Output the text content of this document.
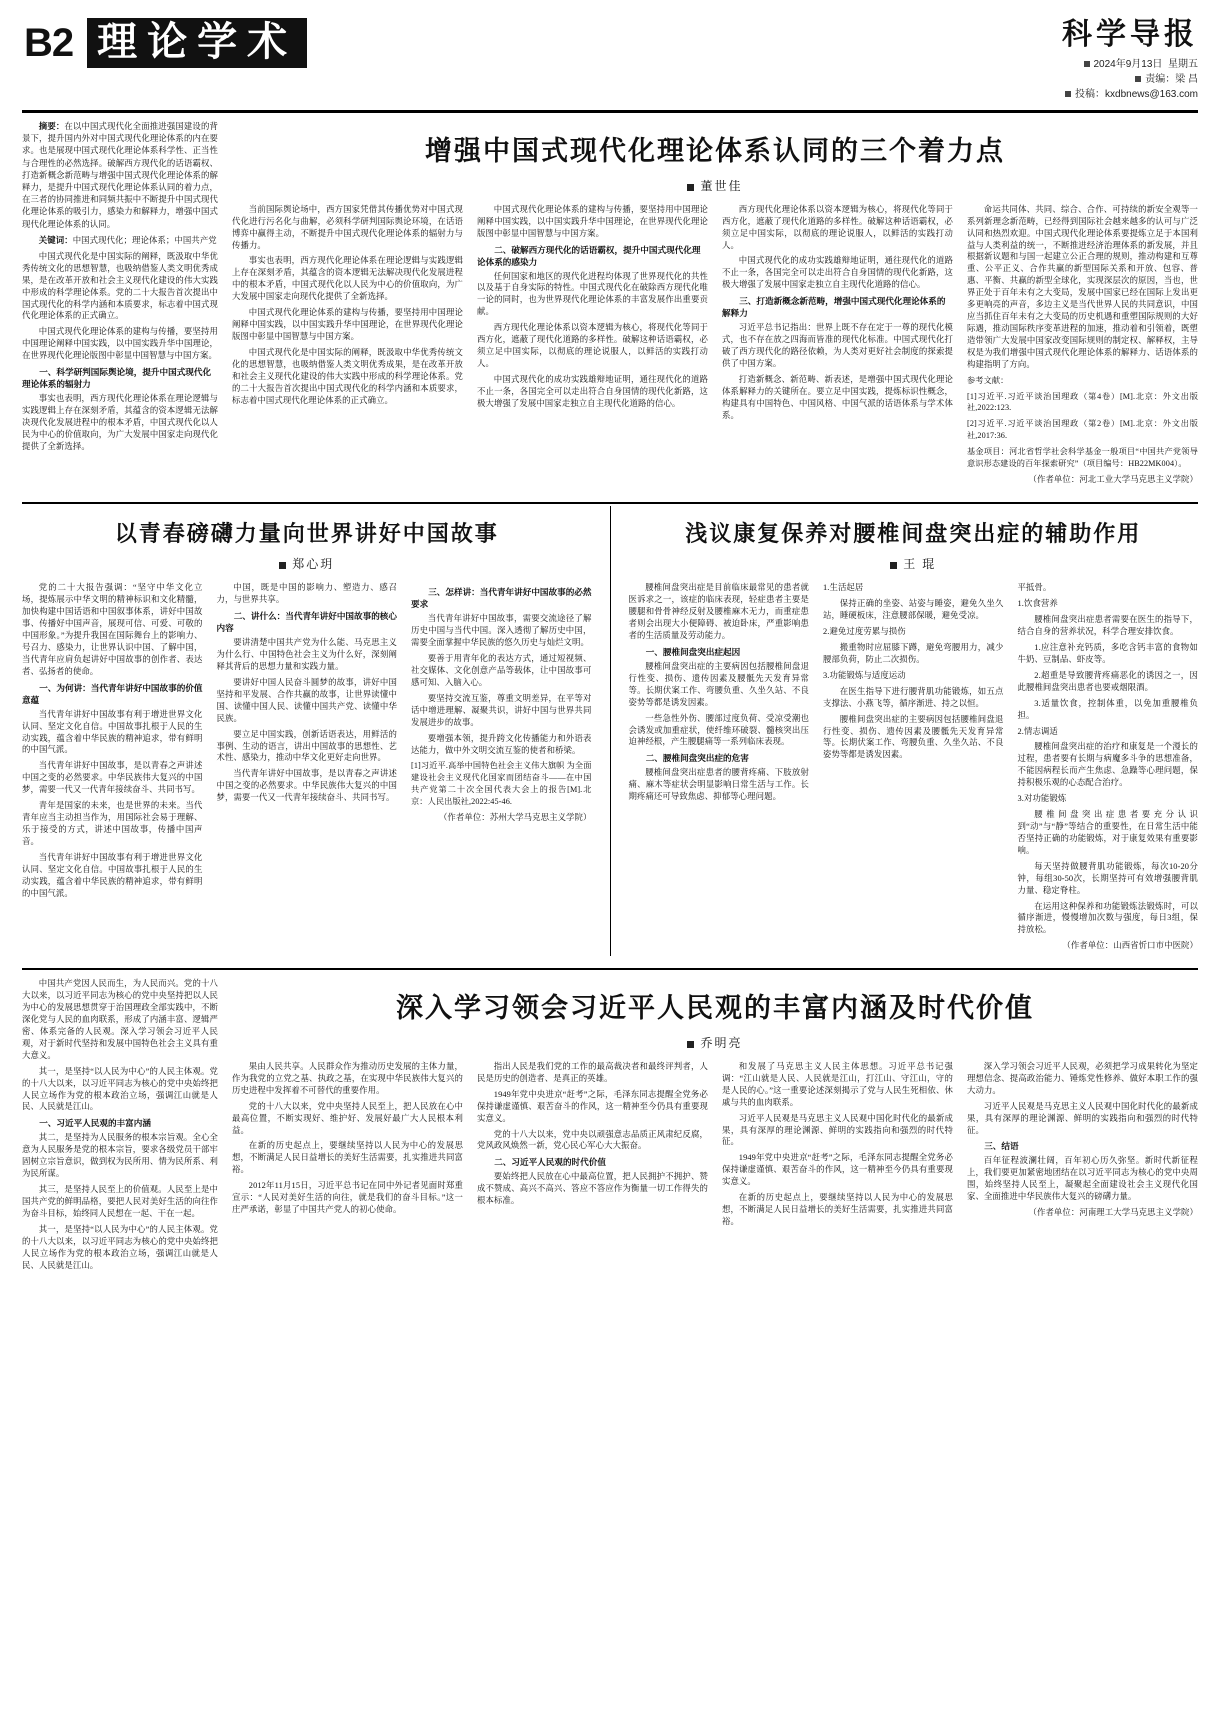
B2 理论学术	科学导报
2024年9月13日 星期五
责编：梁 昌
投稿：kxdbnews@163.com

摘要：在以中国式现代化全面推进强国建设的背景下，提升国内外对中国式现代化理论体系的内在要求。也是展现中国式现代化理论体系科学性、正当性与合理性的必然选择。破解西方现代化的话语霸权、打造新概念新范畴与增强中国式现代化理论体系的解释力，是提升中国式现代化理论体系认同的着力点，在三者的协同推进和同频共振中不断提升中国式现代化理论体系的吸引力，感染力和解释力，增强中国式现代化理论体系的认同。

关键词：中国式现代化；理论体系；中国共产党

中国式现代化是中国实际的阐释，既汲取中华优秀传统文化的思想智慧，也吸纳借鉴人类文明优秀成果，是在改革开放和社会主义现代化建设的伟大实践中形成的科学理论体系。党的二十大报告首次提出中国式现代化的科学内涵和本质要求，标志着中国式现代化理论体系的正式确立。

中国式现代化理论体系的建构与传播，要坚持用中国理论阐释中国实践，以中国实践升华中国理论，在世界现代化理论版图中彰显中国智慧与中国方案。

一、科学研判国际舆论境，提升中国式现代化理论体系的辐射力

事实也表明，西方现代化理论体系在理论逻辑与实践逻辑上存在深刻矛盾，其蕴含的资本逻辑无法解决现代化发展进程中的根本矛盾，中国式现代化以人民为中心的价值取向，为广大发展中国家走向现代化提供了全新选择。

增强中国式现代化理论体系认同的三个着力点
董世佳

当前国际舆论场中，西方国家凭借其传播优势对中国式现代化进行污名化与曲解，必须科学研判国际舆论环境，在话语博弈中赢得主动，不断提升中国式现代化理论体系的辐射力与传播力。

事实也表明，西方现代化理论体系在理论逻辑与实践逻辑上存在深刻矛盾，其蕴含的资本逻辑无法解决现代化发展进程中的根本矛盾，中国式现代化以人民为中心的价值取向，为广大发展中国家走向现代化提供了全新选择。

中国式现代化理论体系的建构与传播，要坚持用中国理论阐释中国实践，以中国实践升华中国理论，在世界现代化理论版图中彰显中国智慧与中国方案。

中国式现代化是中国实际的阐释，既汲取中华优秀传统文化的思想智慧，也吸纳借鉴人类文明优秀成果，是在改革开放和社会主义现代化建设的伟大实践中形成的科学理论体系。党的二十大报告首次提出中国式现代化的科学内涵和本质要求，标志着中国式现代化理论体系的正式确立。

中国式现代化理论体系的建构与传播，要坚持用中国理论阐释中国实践，以中国实践升华中国理论，在世界现代化理论版图中彰显中国智慧与中国方案。

二、破解西方现代化的话语霸权，提升中国式现代化理论体系的感染力

任何国家和地区的现代化进程均体现了世界现代化的共性以及基于自身实际的特性。中国式现代化在破除西方现代化唯一论的同时，也为世界现代化理论体系的丰富发展作出重要贡献。

西方现代化理论体系以资本逻辑为核心，将现代化等同于西方化，遮蔽了现代化道路的多样性。破解这种话语霸权，必须立足中国实际，以彻底的理论说服人，以鲜活的实践打动人。

中国式现代化的成功实践雄辩地证明，通往现代化的道路不止一条，各国完全可以走出符合自身国情的现代化新路，这极大增强了发展中国家走独立自主现代化道路的信心。

西方现代化理论体系以资本逻辑为核心，将现代化等同于西方化，遮蔽了现代化道路的多样性。破解这种话语霸权，必须立足中国实际，以彻底的理论说服人，以鲜活的实践打动人。

中国式现代化的成功实践雄辩地证明，通往现代化的道路不止一条，各国完全可以走出符合自身国情的现代化新路，这极大增强了发展中国家走独立自主现代化道路的信心。

三、打造新概念新范畴，增强中国式现代化理论体系的解释力

习近平总书记指出：世界上既不存在定于一尊的现代化模式，也不存在放之四海而皆准的现代化标准。中国式现代化打破了西方现代化的路径依赖，为人类对更好社会制度的探索提供了中国方案。

打造新概念、新范畴、新表述，是增强中国式现代化理论体系解释力的关键所在。要立足中国实践，提炼标识性概念，构建具有中国特色、中国风格、中国气派的话语体系与学术体系。

命运共同体、共同、综合、合作、可持续的新安全观等一系列新理念新范畴，已经得到国际社会越来越多的认可与广泛认同和热烈欢迎。中国式现代化理论体系要提炼立足于本国利益与人类利益的统一，不断推进经济治理体系的新发展，并且根据新议题和与国一起建立公正合理的规则，推动构建和互尊重、公平正义、合作共赢的新型国际关系和开放、包容、普惠、平衡、共赢的新型全球化，实现深层次的原因，当也，世界正处于百年未有之大变局，发展中国家已经在国际上发出更多更响亮的声音，多边主义是当代世界人民的共同意识，中国应当抓住百年未有之大变局的历史机遇和重塑国际规则的大好际遇，推动国际秩序变革进程的加速，推动着和引领着，既塑造带领广大发展中国家改变国际规则的制定权、解释权，主导权是为我们增强中国式现代化理论体系的解释力、话语体系的构建指明了方向。

参考文献：

[1]习近平.习近平谈治国理政（第4卷）[M].北京：外文出版社,2022:123.

[2]习近平.习近平谈治国理政（第2卷）[M].北京：外文出版社,2017:36.

基金项目：河北省哲学社会科学基金一般项目“中国共产党领导意识形态建设的百年探索研究”（项目编号：HB22MK004）。

（作者单位：河北工业大学马克思主义学院）

以青春磅礴力量向世界讲好中国故事
郑心玥

党的二十大报告强调：“坚守中华文化立场，提炼展示中华文明的精神标识和文化精髓，加快构建中国话语和中国叙事体系，讲好中国故事、传播好中国声音，展现可信、可爱、可敬的中国形象。”为提升我国在国际舞台上的影响力、号召力、感染力，让世界认识中国、了解中国，当代青年应肩负起讲好中国故事的创作者、表达者、弘扬者的使命。

一、为何讲：当代青年讲好中国故事的价值意蕴

当代青年讲好中国故事有利于增进世界文化认同、坚定文化自信。中国故事扎根于人民的生动实践，蕴含着中华民族的精神追求，带有鲜明的中国气派。

当代青年讲好中国故事，是以青春之声讲述中国之变的必然要求。中华民族伟大复兴的中国梦，需要一代又一代青年接续奋斗、共同书写。

青年是国家的未来，也是世界的未来。当代青年应当主动担当作为，用国际社会易于理解、乐于接受的方式，讲述中国故事，传播中国声音。

当代青年讲好中国故事有利于增进世界文化认同、坚定文化自信。中国故事扎根于人民的生动实践，蕴含着中华民族的精神追求，带有鲜明的中国气派。

中国，既是中国的影响力、塑造力、感召力，与世界共享。

二、讲什么：当代青年讲好中国故事的核心内容

要讲清楚中国共产党为什么能、马克思主义为什么行、中国特色社会主义为什么好，深刻阐释其背后的思想力量和实践力量。

要讲好中国人民奋斗圆梦的故事，讲好中国坚持和平发展、合作共赢的故事，让世界读懂中国、读懂中国人民、读懂中国共产党、读懂中华民族。

要立足中国实践，创新话语表达，用鲜活的事例、生动的语言，讲出中国故事的思想性、艺术性、感染力，推动中华文化更好走向世界。

当代青年讲好中国故事，是以青春之声讲述中国之变的必然要求。中华民族伟大复兴的中国梦，需要一代又一代青年接续奋斗、共同书写。

三、怎样讲：当代青年讲好中国故事的必然要求

当代青年讲好中国故事，需要交流途径了解历史中国与当代中国。深入透彻了解历史中国，需要全面掌握中华民族的悠久历史与灿烂文明。

要善于用青年化的表达方式，通过短视频、社交媒体、文化创意产品等载体，让中国故事可感可知、入脑入心。

要坚持交流互鉴，尊重文明差异，在平等对话中增进理解、凝聚共识，讲好中国与世界共同发展进步的故事。

要增强本领，提升跨文化传播能力和外语表达能力，做中外文明交流互鉴的使者和桥梁。

[1]习近平.高举中国特色社会主义伟大旗帜 为全面建设社会主义现代化国家而团结奋斗——在中国共产党第二十次全国代表大会上的报告[M].北京：人民出版社,2022:45-46.

（作者单位：苏州大学马克思主义学院）

浅议康复保养对腰椎间盘突出症的辅助作用
王 琨

腰椎间盘突出症是目前临床最常见的患者就医诉求之一，该症的临床表现，轻症患者主要是腰腿和骨骨神经反射及腰椎麻木无力，而重症患者则会出现大小便障碍、被迫卧床，严重影响患者的生活质量及劳动能力。

一、腰椎间盘突出症起因

腰椎间盘突出症的主要病因包括腰椎间盘退行性变、损伤、遗传因素及腰骶先天发育异常等。长期伏案工作、弯腰负重、久坐久站、不良姿势等都是诱发因素。

一些急性外伤、腰部过度负荷、受凉受潮也会诱发或加重症状，使纤维环破裂、髓核突出压迫神经根，产生腰腿痛等一系列临床表现。

二、腰椎间盘突出症的危害

腰椎间盘突出症患者的腰背疼痛、下肢放射痛、麻木等症状会明显影响日常生活与工作。长期疼痛还可导致焦虑、抑郁等心理问题。

1.生活起居

保持正确的坐姿、站姿与睡姿，避免久坐久站，睡硬板床，注意腰部保暖，避免受凉。

2.避免过度劳累与损伤

搬重物时应屈膝下蹲，避免弯腰用力，减少腰部负荷，防止二次损伤。

3.功能锻炼与适度运动

在医生指导下进行腰背肌功能锻炼，如五点支撑法、小燕飞等，循序渐进、持之以恒。

腰椎间盘突出症的主要病因包括腰椎间盘退行性变、损伤、遗传因素及腰骶先天发育异常等。长期伏案工作、弯腰负重、久坐久站、不良姿势等都是诱发因素。

平抵骨。

1.饮食营养

腰椎间盘突出症患者需要在医生的指导下，结合自身的营养状况，科学合理安排饮食。

1.应注意补充钙质，多吃含钙丰富的食物如牛奶、豆制品、虾皮等。

2.超重是导致腰背疼痛恶化的诱因之一，因此腰椎间盘突出患者也要戒烟限酒。

3.适量饮食，控制体重，以免加重腰椎负担。

2.情志调适

腰椎间盘突出症的治疗和康复是一个漫长的过程，患者要有长期与病魔多斗争的思想准备，不能因病程长而产生焦虑、急躁等心理问题，保持积极乐观的心态配合治疗。

3.对功能锻炼

腰椎间盘突出症患者要充分认识到“动”与“静”等结合的重要性，在日常生活中能否坚持正确的功能锻炼，对于康复效果有重要影响。

每天坚持做腰背肌功能锻炼，每次10-20分钟，每组30-50次，长期坚持可有效增强腰背肌力量、稳定脊柱。

在运用这种保养和功能锻炼法锻炼时，可以循序渐进，慢慢增加次数与强度，每日3组，保持放松。

（作者单位：山西省忻口市中医院）

中国共产党因人民而生，为人民而兴。党的十八大以来，以习近平同志为核心的党中央坚持把以人民为中心的发展思想贯穿于治国理政全部实践中，不断深化党与人民的血肉联系，形成了内涵丰富、逻辑严密、体系完备的人民观。深入学习领会习近平人民观，对于新时代坚持和发展中国特色社会主义具有重大意义。

其一，是坚持“以人民为中心”的人民主体观。党的十八大以来，以习近平同志为核心的党中央始终把人民立场作为党的根本政治立场，强调江山就是人民、人民就是江山。

一、习近平人民观的丰富内涵

其二，是坚持为人民服务的根本宗旨观。全心全意为人民服务是党的根本宗旨，要求各级党员干部牢固树立宗旨意识，做到权为民所用、情为民所系、利为民所谋。

其三，是坚持人民至上的价值观。人民至上是中国共产党的鲜明品格，要把人民对美好生活的向往作为奋斗目标，始终同人民想在一起、干在一起。

其一，是坚持“以人民为中心”的人民主体观。党的十八大以来，以习近平同志为核心的党中央始终把人民立场作为党的根本政治立场，强调江山就是人民、人民就是江山。

深入学习领会习近平人民观的丰富内涵及时代价值
乔明亮

果由人民共享。人民群众作为推动历史发展的主体力量，作为我党的立党之基、执政之基，在实现中华民族伟大复兴的历史进程中发挥着不可替代的重要作用。

党的十八大以来，党中央坚持人民至上，把人民放在心中最高位置，不断实现好、维护好、发展好最广大人民根本利益。

在新的历史起点上，要继续坚持以人民为中心的发展思想，不断满足人民日益增长的美好生活需要，扎实推进共同富裕。

2012年11月15日，习近平总书记在同中外记者见面时郑重宣示：“人民对美好生活的向往，就是我们的奋斗目标。”这一庄严承诺，彰显了中国共产党人的初心使命。

指出人民是我们党的工作的最高裁决者和最终评判者，人民是历史的创造者、是真正的英雄。

1949年党中央进京“赶考”之际，毛泽东同志提醒全党务必保持谦虚谨慎、艰苦奋斗的作风，这一精神至今仍具有重要现实意义。

党的十八大以来，党中央以顽强意志品质正风肃纪反腐，党风政风焕然一新，党心民心军心大大振奋。

二、习近平人民观的时代价值

要始终把人民放在心中最高位置，把人民拥护不拥护、赞成不赞成、高兴不高兴、答应不答应作为衡量一切工作得失的根本标准。

和发展了马克思主义人民主体思想。习近平总书记强调：“江山就是人民、人民就是江山，打江山、守江山，守的是人民的心。”这一重要论述深刻揭示了党与人民生死相依、休戚与共的血肉联系。

习近平人民观是马克思主义人民观中国化时代化的最新成果，具有深厚的理论渊源、鲜明的实践指向和强烈的时代特征。

1949年党中央进京“赶考”之际，毛泽东同志提醒全党务必保持谦虚谨慎、艰苦奋斗的作风，这一精神至今仍具有重要现实意义。

在新的历史起点上，要继续坚持以人民为中心的发展思想，不断满足人民日益增长的美好生活需要，扎实推进共同富裕。

深入学习领会习近平人民观，必须把学习成果转化为坚定理想信念、提高政治能力、锤炼党性修养、做好本职工作的强大动力。

习近平人民观是马克思主义人民观中国化时代化的最新成果，具有深厚的理论渊源、鲜明的实践指向和强烈的时代特征。

三、结语

百年征程波澜壮阔，百年初心历久弥坚。新时代新征程上，我们要更加紧密地团结在以习近平同志为核心的党中央周围，始终坚持人民至上，凝聚起全面建设社会主义现代化国家、全面推进中华民族伟大复兴的磅礴力量。

（作者单位：河南理工大学马克思主义学院）
